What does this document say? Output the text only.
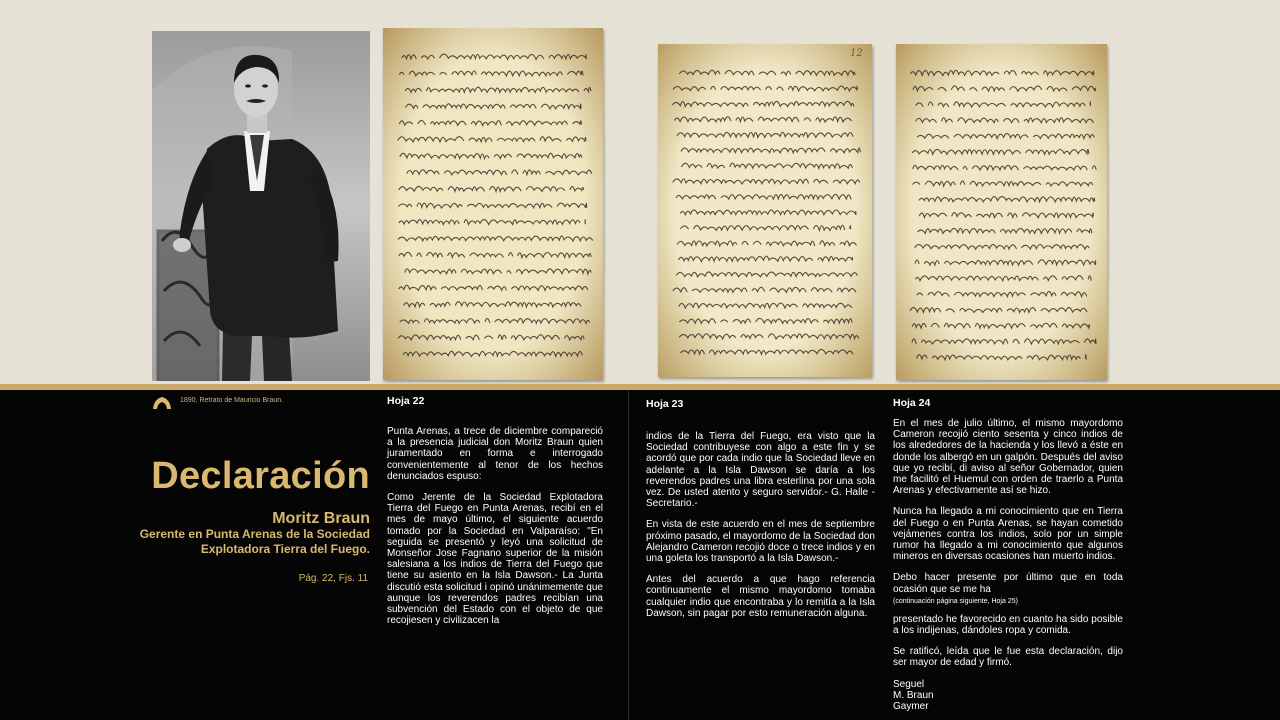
12
1890, Retrato de Mauricio Braun.
Declaración
Moritz Braun
Gerente en Punta Arenas de la Sociedad
Explotadora Tierra del Fuego.
Pág. 22, Fjs. 11
Hoja 22

Punta Arenas, a trece de diciembre compareció a la presencia judicial don Moritz Braun quien juramentado en forma e interrogado convenientemente al tenor de los hechos denunciados espuso:

Como Jerente de la Sociedad Explotadora Tierra del Fuego en Punta Arenas, recibí en el mes de mayo último, el siguiente acuerdo tomado por la Sociedad en Valparaíso: "En seguida se presentó y leyó una solicitud de Monseñor Jose Fagnano superior de la misión salesiana a los indios de Tierra del Fuego que tiene su asiento en la Isla Dawson.- La Junta discutió esta solicitud i opinó unánimemente que aunque los reverendos padres recibían una subvención del Estado con el objeto de que recojiesen y civilizacen la

Hoja 23

indios de la Tierra del Fuego, era visto que la Sociedad contribuyese con algo a este fin y se acordó que por cada indio que la Sociedad lleve en adelante a la Isla Dawson se daría a los reverendos padres una libra esterlina por una sola vez. De usted atento y seguro servidor.- G. Halle - Secretario.-

En vista de este acuerdo en el mes de septiembre próximo pasado, el mayordomo de la Sociedad don Alejandro Cameron recojió doce o trece indios y en una goleta los transportó a la Isla Dawson.-

Antes del acuerdo a que hago referencia continuamente el mismo mayordomo tomaba cualquier indio que encontraba y lo remitía a la Isla Dawson, sin pagar por esto remuneración alguna.

Hoja 24

En el mes de julio último, el mismo mayordomo Cameron recojió ciento sesenta y cinco indios de los alrededores de la hacienda y los llevó a éste en donde los albergó en un galpón. Después del aviso que yo recibí, di aviso al señor Gobernador, quien me facilitó el Huemul con orden de traerlo a Punta Arenas y efectivamente así se hizo.

Nunca ha llegado a mi conocimiento que en Tierra del Fuego o en Punta Arenas, se hayan cometido vejámenes contra los indios, solo por un simple rumor ha llegado a mi conocimiento que algunos mineros en diversas ocasiones han muerto indios.

Debo hacer presente por último que en toda ocasión que se me ha

(continuación página siguiente, Hoja 25)

presentado he favorecido en cuanto ha sido posible a los indijenas, dándoles ropa y comida.

Se ratificó, leída que le fue esta declaración, dijo ser mayor de edad y firmó.

Seguel
M. Braun
Gaymer
